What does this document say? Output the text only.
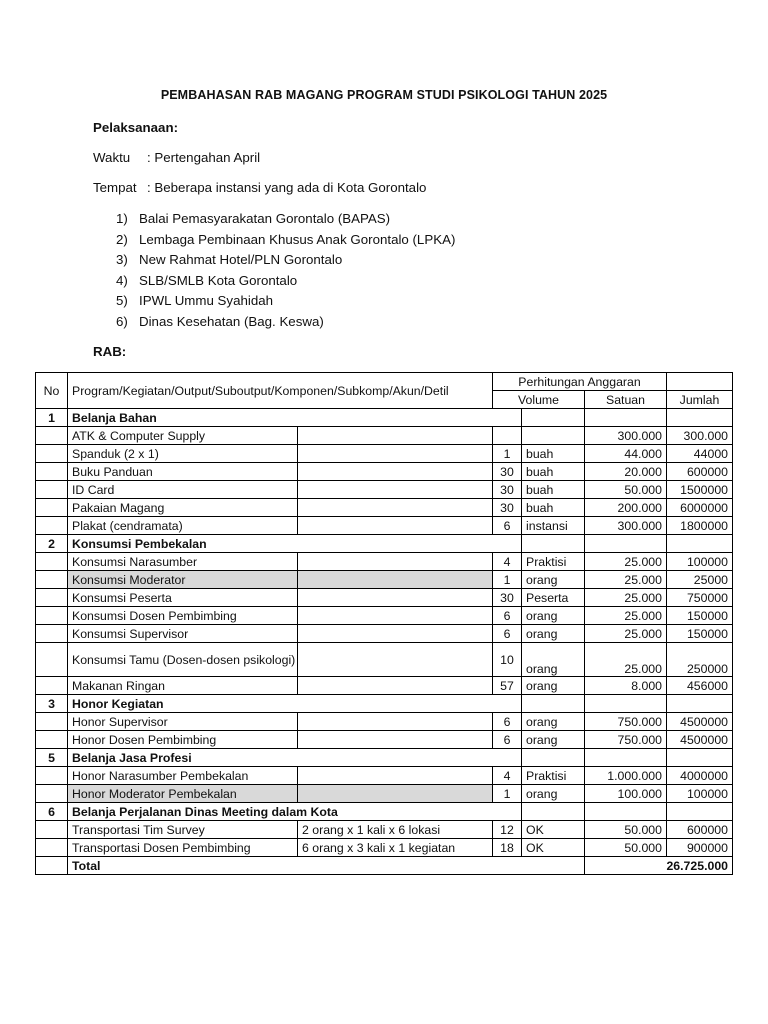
PEMBAHASAN RAB MAGANG PROGRAM STUDI PSIKOLOGI TAHUN 2025
Pelaksanaan:
Waktu : Pertengahan April
Tempat : Beberapa instansi yang ada di Kota Gorontalo
1) Balai Pemasyarakatan Gorontalo (BAPAS)
2) Lembaga Pembinaan Khusus Anak Gorontalo (LPKA)
3) New Rahmat Hotel/PLN Gorontalo
4) SLB/SMLB Kota Gorontalo
5) IPWL Ummu Syahidah
6) Dinas Kesehatan (Bag. Keswa)
RAB:
No	Program/Kegiatan/Output/Suboutput/Komponen/Subkomp/Akun/Detil		Perhitungan Anggaran			
			Volume		Satuan	Jumlah
1	Belanja Bahan					
	ATK & Computer Supply				300.000	300.000
	Spanduk (2 x 1)		1	buah	44.000	44000
	Buku Panduan		30	buah	20.000	600000
	ID Card		30	buah	50.000	1500000
	Pakaian Magang		30	buah	200.000	6000000
	Plakat (cendramata)		6	instansi	300.000	1800000
2	Konsumsi Pembekalan					
	Konsumsi Narasumber		4	Praktisi	25.000	100000
	Konsumsi Moderator		1	orang	25.000	25000
	Konsumsi Peserta		30	Peserta	25.000	750000
	Konsumsi Dosen Pembimbing		6	orang	25.000	150000
	Konsumsi Supervisor		6	orang	25.000	150000
	Konsumsi Tamu (Dosen-dosen psikologi)		10	orang	25.000	250000
	Makanan Ringan		57	orang	8.000	456000
3	Honor Kegiatan					
	Honor Supervisor		6	orang	750.000	4500000
	Honor Dosen Pembimbing		6	orang	750.000	4500000
5	Belanja Jasa Profesi					
	Honor Narasumber Pembekalan		4	Praktisi	1.000.000	4000000
	Honor Moderator Pembekalan		1	orang	100.000	100000
6	Belanja Perjalanan Dinas Meeting dalam Kota					
	Transportasi Tim Survey	2 orang x 1 kali x 6 lokasi	12	OK	50.000	600000
	Transportasi Dosen Pembimbing	6 orang x 3 kali x 1 kegiatan	18	OK	50.000	900000
	Total				26.725.000	
